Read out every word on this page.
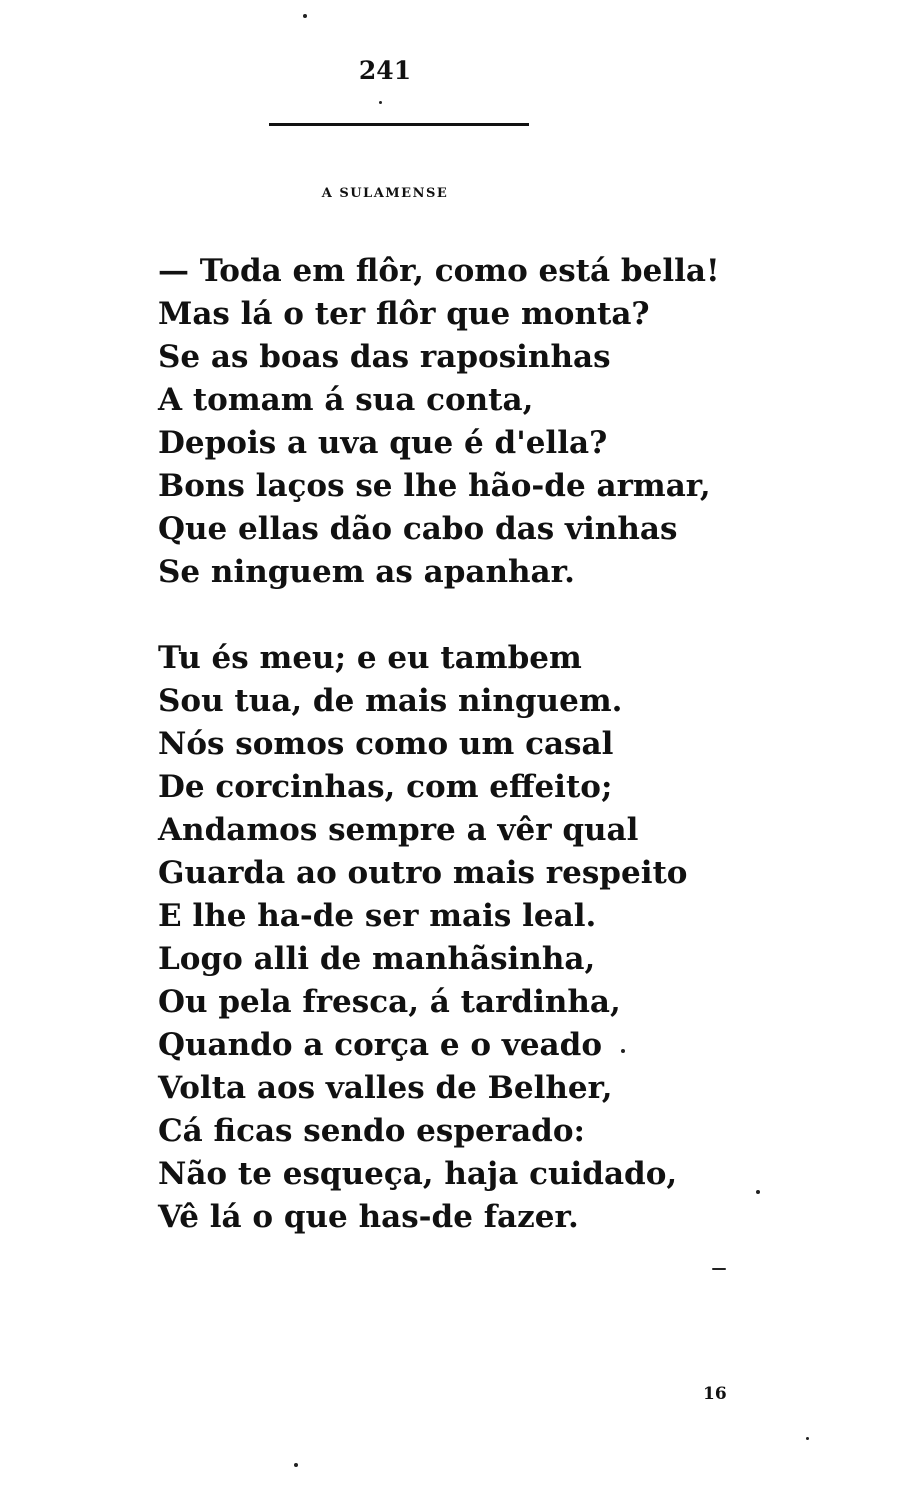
241
A SULAMENSE
— Toda em flôr, como está bella!
Mas lá o ter flôr que monta?
Se as boas das raposinhas
A tomam á sua conta,
Depois a uva que é d'ella?
Bons laços se lhe hão-de armar,
Que ellas dão cabo das vinhas
Se ninguem as apanhar.
Tu és meu; e eu tambem
Sou tua, de mais ninguem.
Nós somos como um casal
De corcinhas, com effeito;
Andamos sempre a vêr qual
Guarda ao outro mais respeito
E lhe ha-de ser mais leal.
Logo alli de manhãsinha,
Ou pela fresca, á tardinha,
Quando a corça e o veado
Volta aos valles de Belher,
Cá ficas sendo esperado:
Não te esqueça, haja cuidado,
Vê lá o que has-de fazer.
16
